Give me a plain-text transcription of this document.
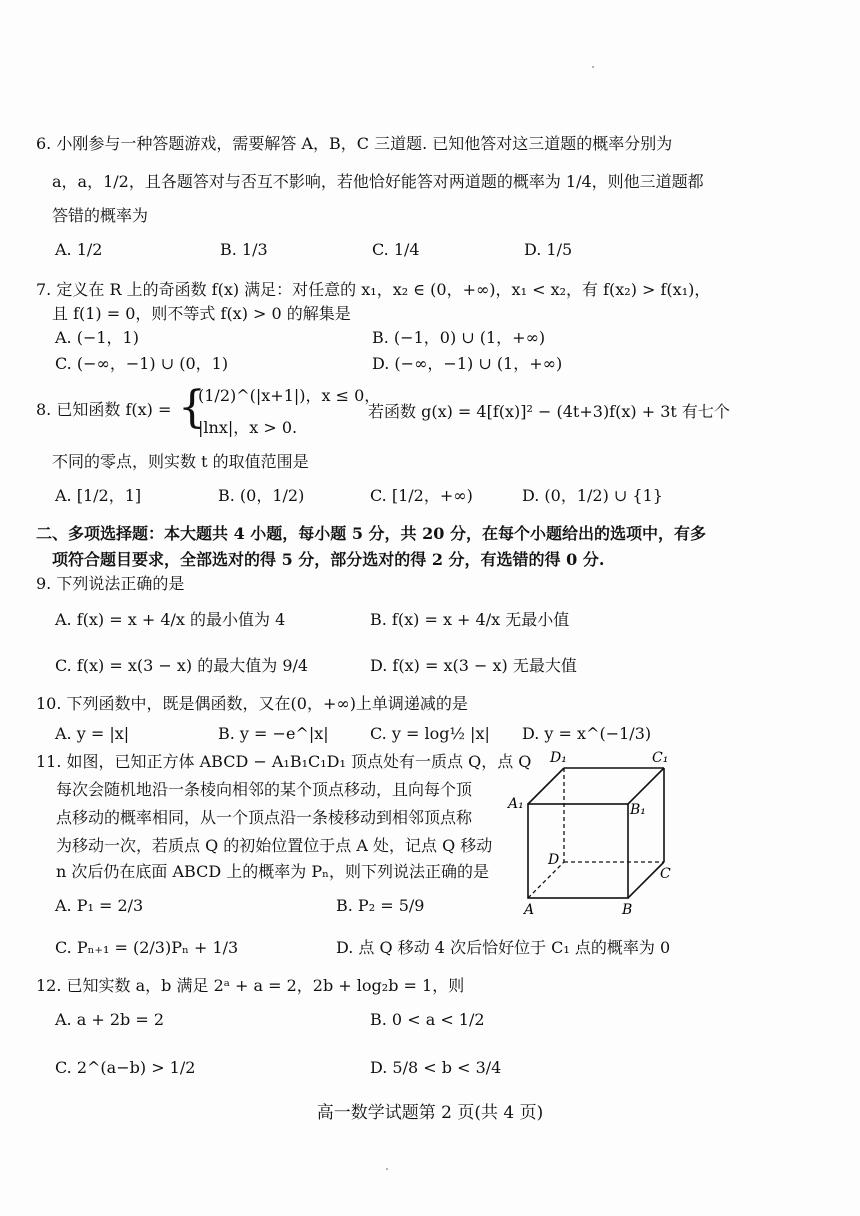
6. 小刚参与一种答题游戏，需要解答 A，B，C 三道题. 已知他答对这三道题的概率分别为
a，a，1/2，且各题答对与否互不影响，若他恰好能答对两道题的概率为 1/4，则他三道题都
答错的概率为
A. 1/2	B. 1/3	C. 1/4	D. 1/5
7. 定义在 R 上的奇函数 f(x) 满足：对任意的 x₁，x₂ ∈ (0，+∞)，x₁ < x₂，有 f(x₂) > f(x₁)，
且 f(1) = 0，则不等式 f(x) > 0 的解集是
A. (−1，1)	B. (−1，0) ∪ (1，+∞)
C. (−∞，−1) ∪ (0，1)	D. (−∞，−1) ∪ (1，+∞)
8. 已知函数 f(x) = {
(1/2)^(|x+1|)，x ≤ 0，
|lnx|，x > 0.
若函数 g(x) = 4[f(x)]² − (4t+3)f(x) + 3t 有七个
不同的零点，则实数 t 的取值范围是
A. [1/2，1]	B. (0，1/2)	C. [1/2，+∞)	D. (0，1/2) ∪ {1}
二、多项选择题：本大题共 4 小题，每小题 5 分，共 20 分，在每个小题给出的选项中，有多
项符合题目要求，全部选对的得 5 分，部分选对的得 2 分，有选错的得 0 分.
9. 下列说法正确的是
A. f(x) = x + 4/x 的最小值为 4	B. f(x) = x + 4/x 无最小值
C. f(x) = x(3 − x) 的最大值为 9/4	D. f(x) = x(3 − x) 无最大值
10. 下列函数中，既是偶函数，又在(0，+∞)上单调递减的是
A. y = |x|	B. y = −e^|x|	C. y = log½ |x| D. y = x^(−1/3)
11. 如图，已知正方体 ABCD − A₁B₁C₁D₁ 顶点处有一质点 Q，点 Q
每次会随机地沿一条棱向相邻的某个顶点移动，且向每个顶
点移动的概率相同，从一个顶点沿一条棱移动到相邻顶点称
为移动一次，若质点 Q 的初始位置位于点 A 处，记点 Q 移动
n 次后仍在底面 ABCD 上的概率为 Pₙ，则下列说法正确的是
A. P₁ = 2/3	B. P₂ = 5/9
C. Pₙ₊₁ = (2/3)Pₙ + 1/3	D. 点 Q 移动 4 次后恰好位于 C₁ 点的概率为 0
D₁	C₁
A₁	B₁
D
C
A	B
12. 已知实数 a，b 满足 2ᵃ + a = 2，2b + log₂b = 1，则
A. a + 2b = 2	B. 0 < a < 1/2
C. 2^(a−b) > 1/2	D. 5/8 < b < 3/4
高一数学试题第 2 页(共 4 页)
